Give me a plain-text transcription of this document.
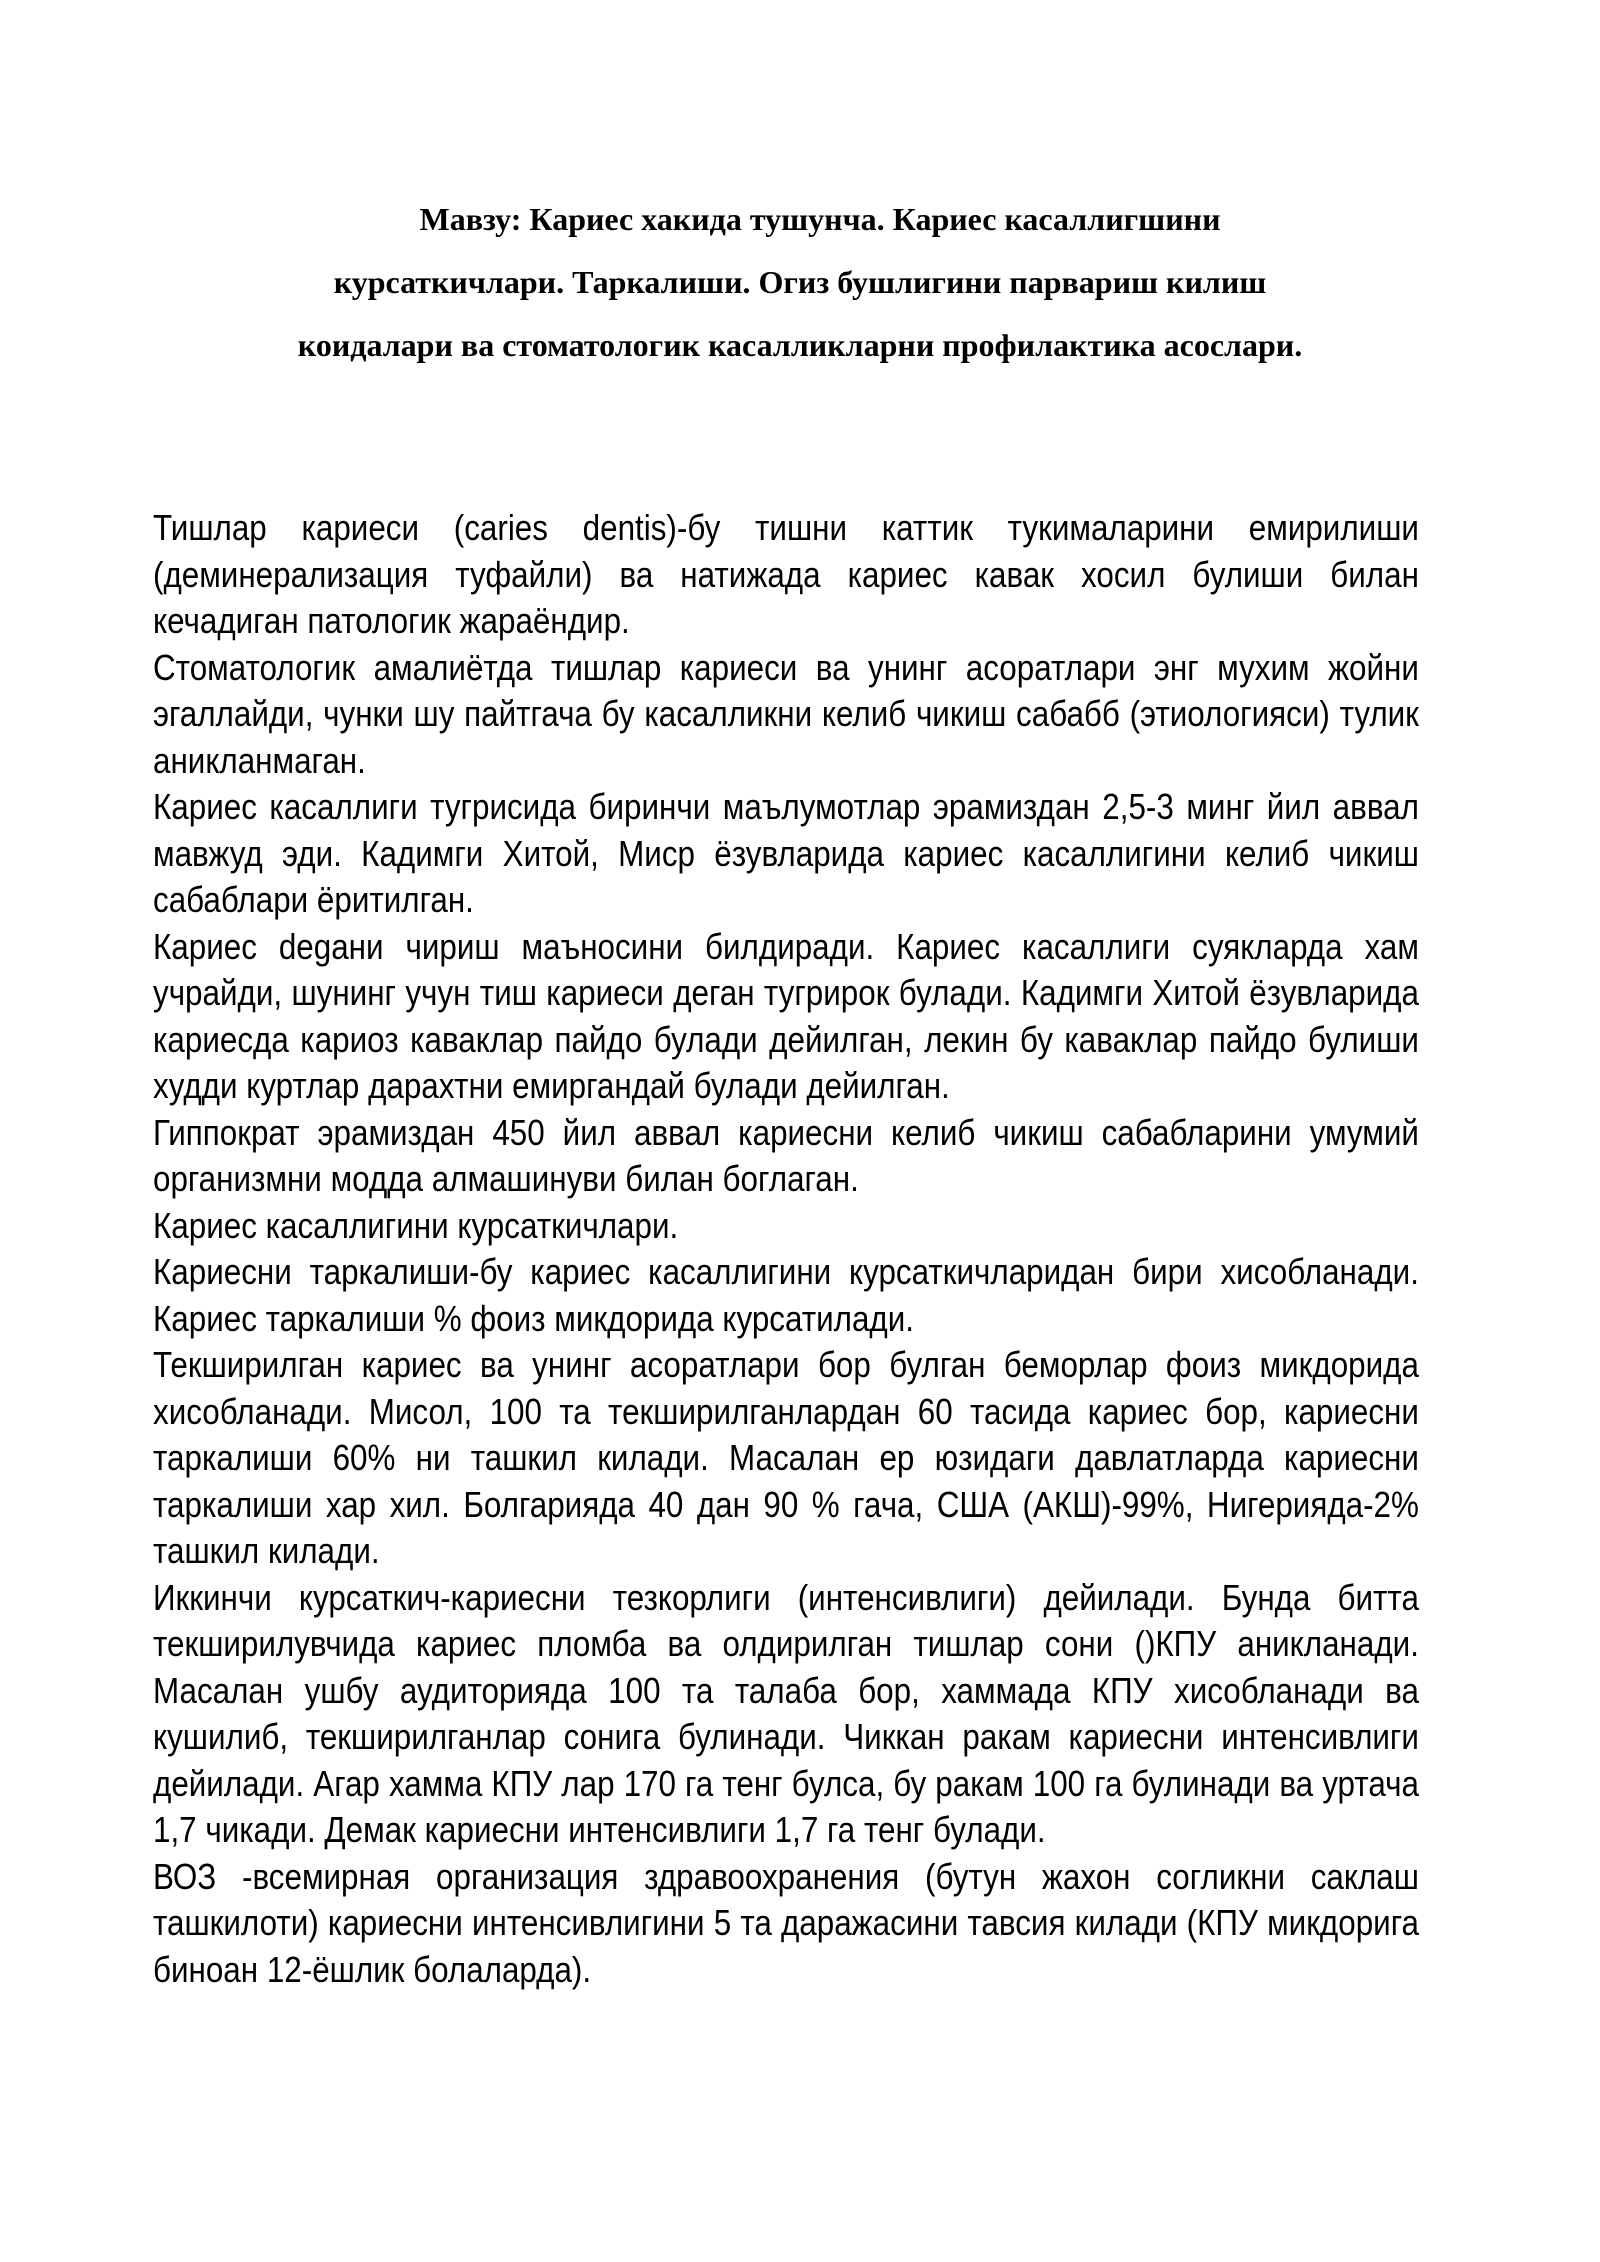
Мавзу: Кариес хакида тушунча. Кариес касаллигшини
курсаткичлари. Таркалиши. Огиз бушлигини парвариш килиш
коидалари ва стоматологик касалликларни профилактика асослари.

Тишлар кариеси (caries dentis)-бу тишни каттик тукималарини емирилиши (деминерализация туфайли) ва натижада кариес кавак хосил булиши билан кечадиган патологик жараёндир.

Стоматологик амалиётда тишлар кариеси ва унинг асоратлари энг мухим жойни эгаллайди, чунки шу пайтгача бу касалликни келиб чикиш сабабб (этиологияси) тулик аникланмаган.

Кариес касаллиги тугрисида биринчи маълумотлар эрамиздан 2,5-3 минг йил аввал мавжуд эди. Кадимги Хитой, Миср ёзувларида кариес касаллигини келиб чикиш сабаблари ёритилган.

Кариес degани чириш маъносини билдиради. Кариес касаллиги суякларда хам учрайди, шунинг учун тиш кариеси деган тугрирок булади. Кадимги Хитой ёзувларида кариесда кариоз каваклар пайдо булади дейилган, лекин бу каваклар пайдо булиши худди куртлар дарахтни емиргандай булади дейилган.

Гиппократ эрамиздан 450 йил аввал кариесни келиб чикиш сабабларини умумий организмни модда алмашинуви билан боглаган.

Кариес касаллигини курсаткичлари.

Кариесни таркалиши-бу кариес касаллигини курсаткичларидан бири хисобланади. Кариес таркалиши % фоиз микдорида курсатилади.

Текширилган кариес ва унинг асоратлари бор булган беморлар фоиз микдорида хисобланади. Мисол, 100 та текширилганлардан 60 тасида кариес бор, кариесни таркалиши 60% ни ташкил килади. Масалан ер юзидаги давлатларда кариесни таркалиши хар хил. Болгарияда 40 дан 90 % гача, США (АКШ)-99%, Нигерияда-2% ташкил килади.

Иккинчи курсаткич-кариесни тезкорлиги (интенсивлиги) дейилади. Бунда битта текширилувчида кариес пломба ва олдирилган тишлар сони ()КПУ аникланади. Масалан ушбу аудиторияда 100 та талаба бор, хаммада КПУ хисобланади ва кушилиб, текширилганлар сонига булинади. Чиккан ракам кариесни интенсивлиги дейилади. Агар хамма КПУ лар 170 га тенг булса, бу ракам 100 га булинади ва уртача 1,7 чикади. Демак кариесни интенсивлиги 1,7 га тенг булади.

ВОЗ -всемирная организация здравоохранения (бутун жахон согликни саклаш ташкилоти) кариесни интенсивлигини 5 та даражасини тавсия килади (КПУ микдорига биноан 12-ёшлик болаларда).
